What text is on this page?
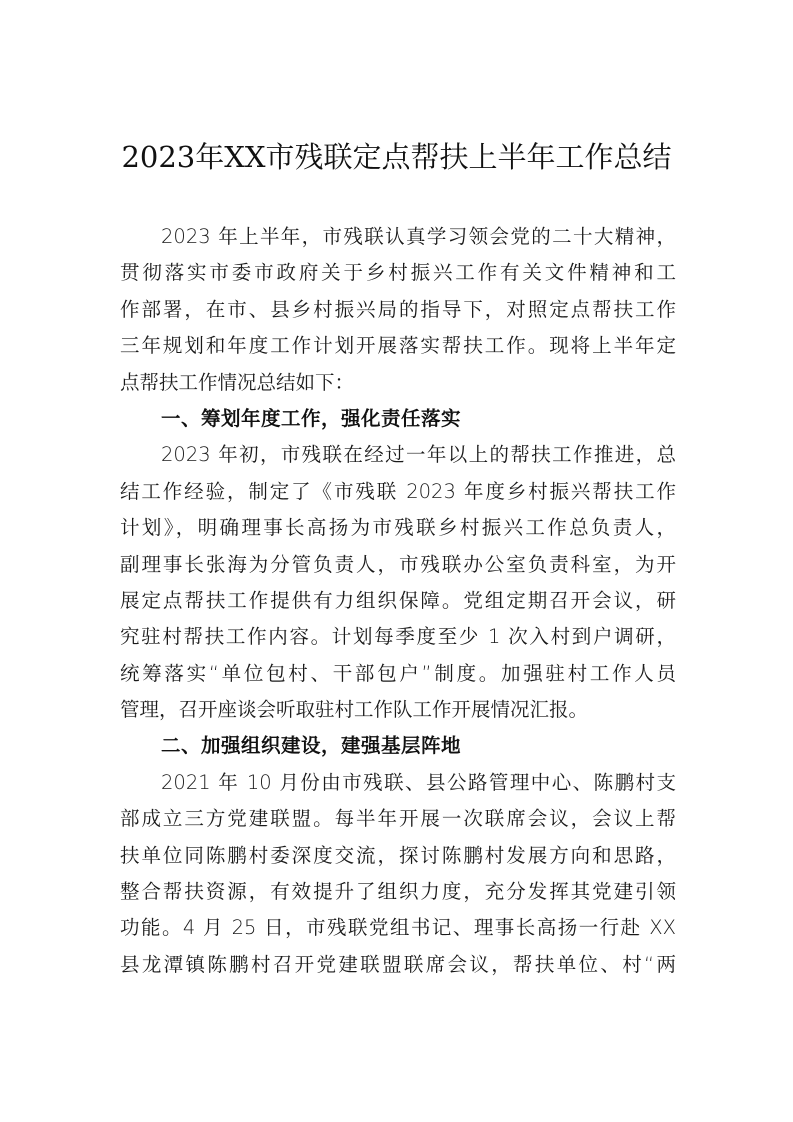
2023年XX市残联定点帮扶上半年工作总结
2023 年上半年，市残联认真学习领会党的二十大精神，
贯彻落实市委市政府关于乡村振兴工作有关文件精神和工
作部署，在市、县乡村振兴局的指导下，对照定点帮扶工作
三年规划和年度工作计划开展落实帮扶工作。现将上半年定
点帮扶工作情况总结如下：
一、筹划年度工作，强化责任落实
2023 年初，市残联在经过一年以上的帮扶工作推进，总
结工作经验，制定了《市残联 2023 年度乡村振兴帮扶工作
计划》，明确理事长高扬为市残联乡村振兴工作总负责人，
副理事长张海为分管负责人，市残联办公室负责科室，为开
展定点帮扶工作提供有力组织保障。党组定期召开会议，研
究驻村帮扶工作内容。计划每季度至少 1 次入村到户调研，
统筹落实“单位包村、干部包户”制度。加强驻村工作人员
管理，召开座谈会听取驻村工作队工作开展情况汇报。
二、加强组织建设，建强基层阵地
2021 年 10 月份由市残联、县公路管理中心、陈鹏村支
部成立三方党建联盟。每半年开展一次联席会议，会议上帮
扶单位同陈鹏村委深度交流，探讨陈鹏村发展方向和思路，
整合帮扶资源，有效提升了组织力度，充分发挥其党建引领
功能。4 月 25 日，市残联党组书记、理事长高扬一行赴 XX
县龙潭镇陈鹏村召开党建联盟联席会议，帮扶单位、村“两
